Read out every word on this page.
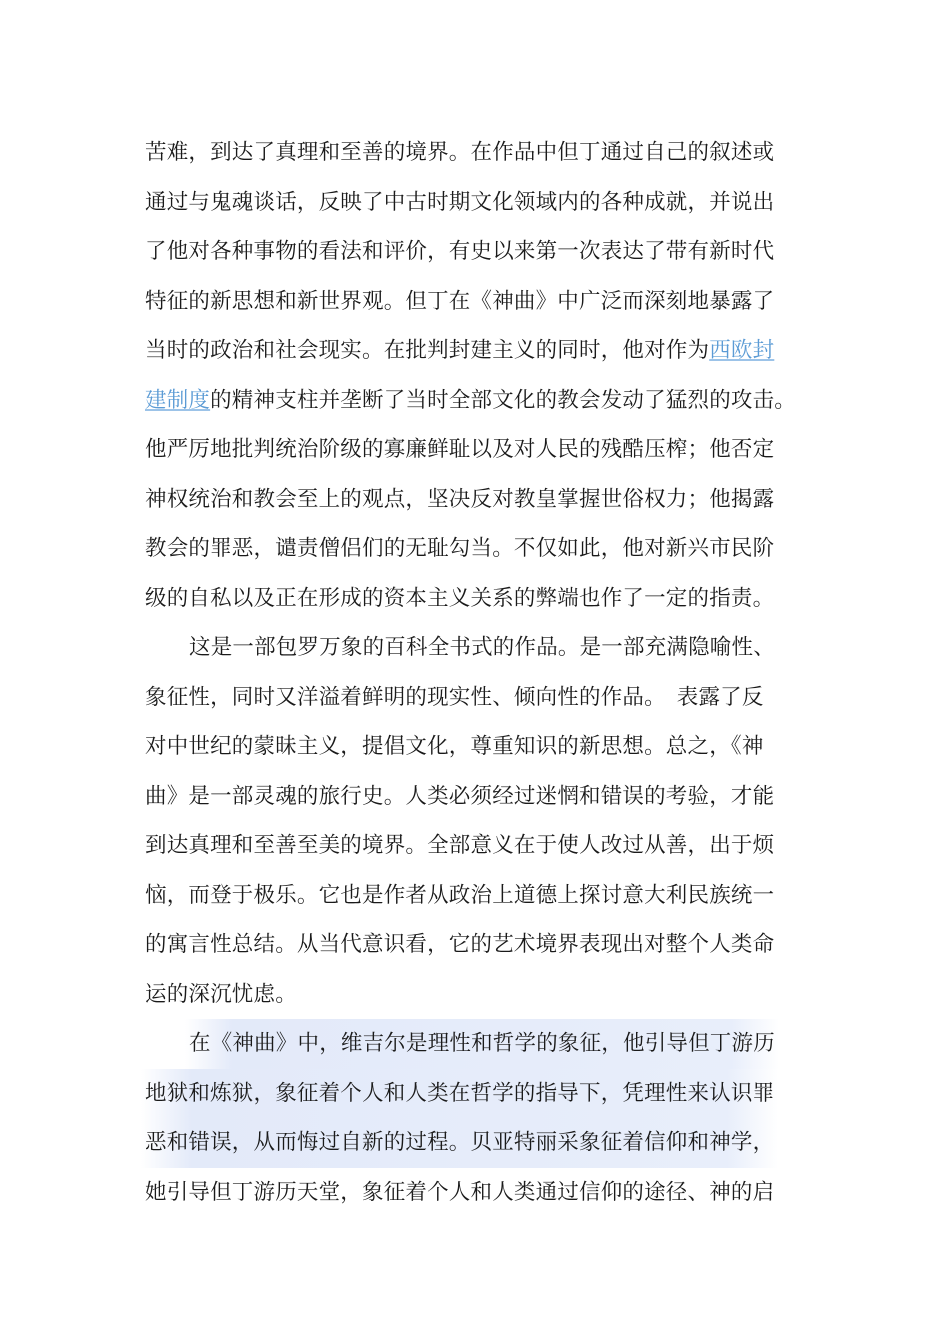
苦难，到达了真理和至善的境界。在作品中但丁通过自己的叙述或
通过与鬼魂谈话，反映了中古时期文化领域内的各种成就，并说出
了他对各种事物的看法和评价，有史以来第一次表达了带有新时代
特征的新思想和新世界观。但丁在《神曲》中广泛而深刻地暴露了
当时的政治和社会现实。在批判封建主义的同时，他对作为西欧封
建制度的精神支柱并垄断了当时全部文化的教会发动了猛烈的攻击。
他严厉地批判统治阶级的寡廉鲜耻以及对人民的残酷压榨；他否定
神权统治和教会至上的观点，坚决反对教皇掌握世俗权力；他揭露
教会的罪恶，谴责僧侣们的无耻勾当。不仅如此，他对新兴市民阶
级的自私以及正在形成的资本主义关系的弊端也作了一定的指责。
这是一部包罗万象的百科全书式的作品。是一部充满隐喻性、
象征性，同时又洋溢着鲜明的现实性、倾向性的作品。　表露了反
对中世纪的蒙昧主义，提倡文化，尊重知识的新思想。总之，《神
曲》是一部灵魂的旅行史。人类必须经过迷惘和错误的考验，才能
到达真理和至善至美的境界。全部意义在于使人改过从善，出于烦
恼，而登于极乐。它也是作者从政治上道德上探讨意大利民族统一
的寓言性总结。从当代意识看，它的艺术境界表现出对整个人类命
运的深沉忧虑。
在《神曲》中，维吉尔是理性和哲学的象征，他引导但丁游历
地狱和炼狱，象征着个人和人类在哲学的指导下，凭理性来认识罪
恶和错误，从而悔过自新的过程。贝亚特丽采象征着信仰和神学，
她引导但丁游历天堂，象征着个人和人类通过信仰的途径、神的启
